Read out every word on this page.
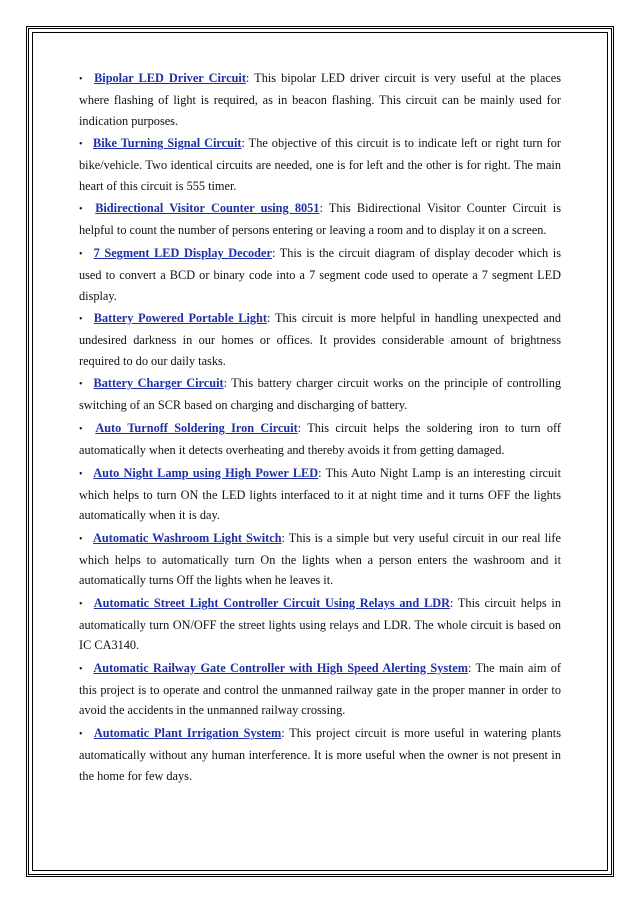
• Bipolar LED Driver Circuit: This bipolar LED driver circuit is very useful at the places where flashing of light is required, as in beacon flashing. This circuit can be mainly used for indication purposes.
• Bike Turning Signal Circuit: The objective of this circuit is to indicate left or right turn for bike/vehicle. Two identical circuits are needed, one is for left and the other is for right. The main heart of this circuit is 555 timer.
• Bidirectional Visitor Counter using 8051: This Bidirectional Visitor Counter Circuit is helpful to count the number of persons entering or leaving a room and to display it on a screen.
• 7 Segment LED Display Decoder: This is the circuit diagram of display decoder which is used to convert a BCD or binary code into a 7 segment code used to operate a 7 segment LED display.
• Battery Powered Portable Light: This circuit is more helpful in handling unexpected and undesired darkness in our homes or offices. It provides considerable amount of brightness required to do our daily tasks.
• Battery Charger Circuit: This battery charger circuit works on the principle of controlling switching of an SCR based on charging and discharging of battery.
• Auto Turnoff Soldering Iron Circuit: This circuit helps the soldering iron to turn off automatically when it detects overheating and thereby avoids it from getting damaged.
• Auto Night Lamp using High Power LED: This Auto Night Lamp is an interesting circuit which helps to turn ON the LED lights interfaced to it at night time and it turns OFF the lights automatically when it is day.
• Automatic Washroom Light Switch: This is a simple but very useful circuit in our real life which helps to automatically turn On the lights when a person enters the washroom and it automatically turns Off the lights when he leaves it.
• Automatic Street Light Controller Circuit Using Relays and LDR: This circuit helps in automatically turn ON/OFF the street lights using relays and LDR. The whole circuit is based on IC CA3140.
• Automatic Railway Gate Controller with High Speed Alerting System: The main aim of this project is to operate and control the unmanned railway gate in the proper manner in order to avoid the accidents in the unmanned railway crossing.
• Automatic Plant Irrigation System: This project circuit is more useful in watering plants automatically without any human interference. It is more useful when the owner is not present in the home for few days.
